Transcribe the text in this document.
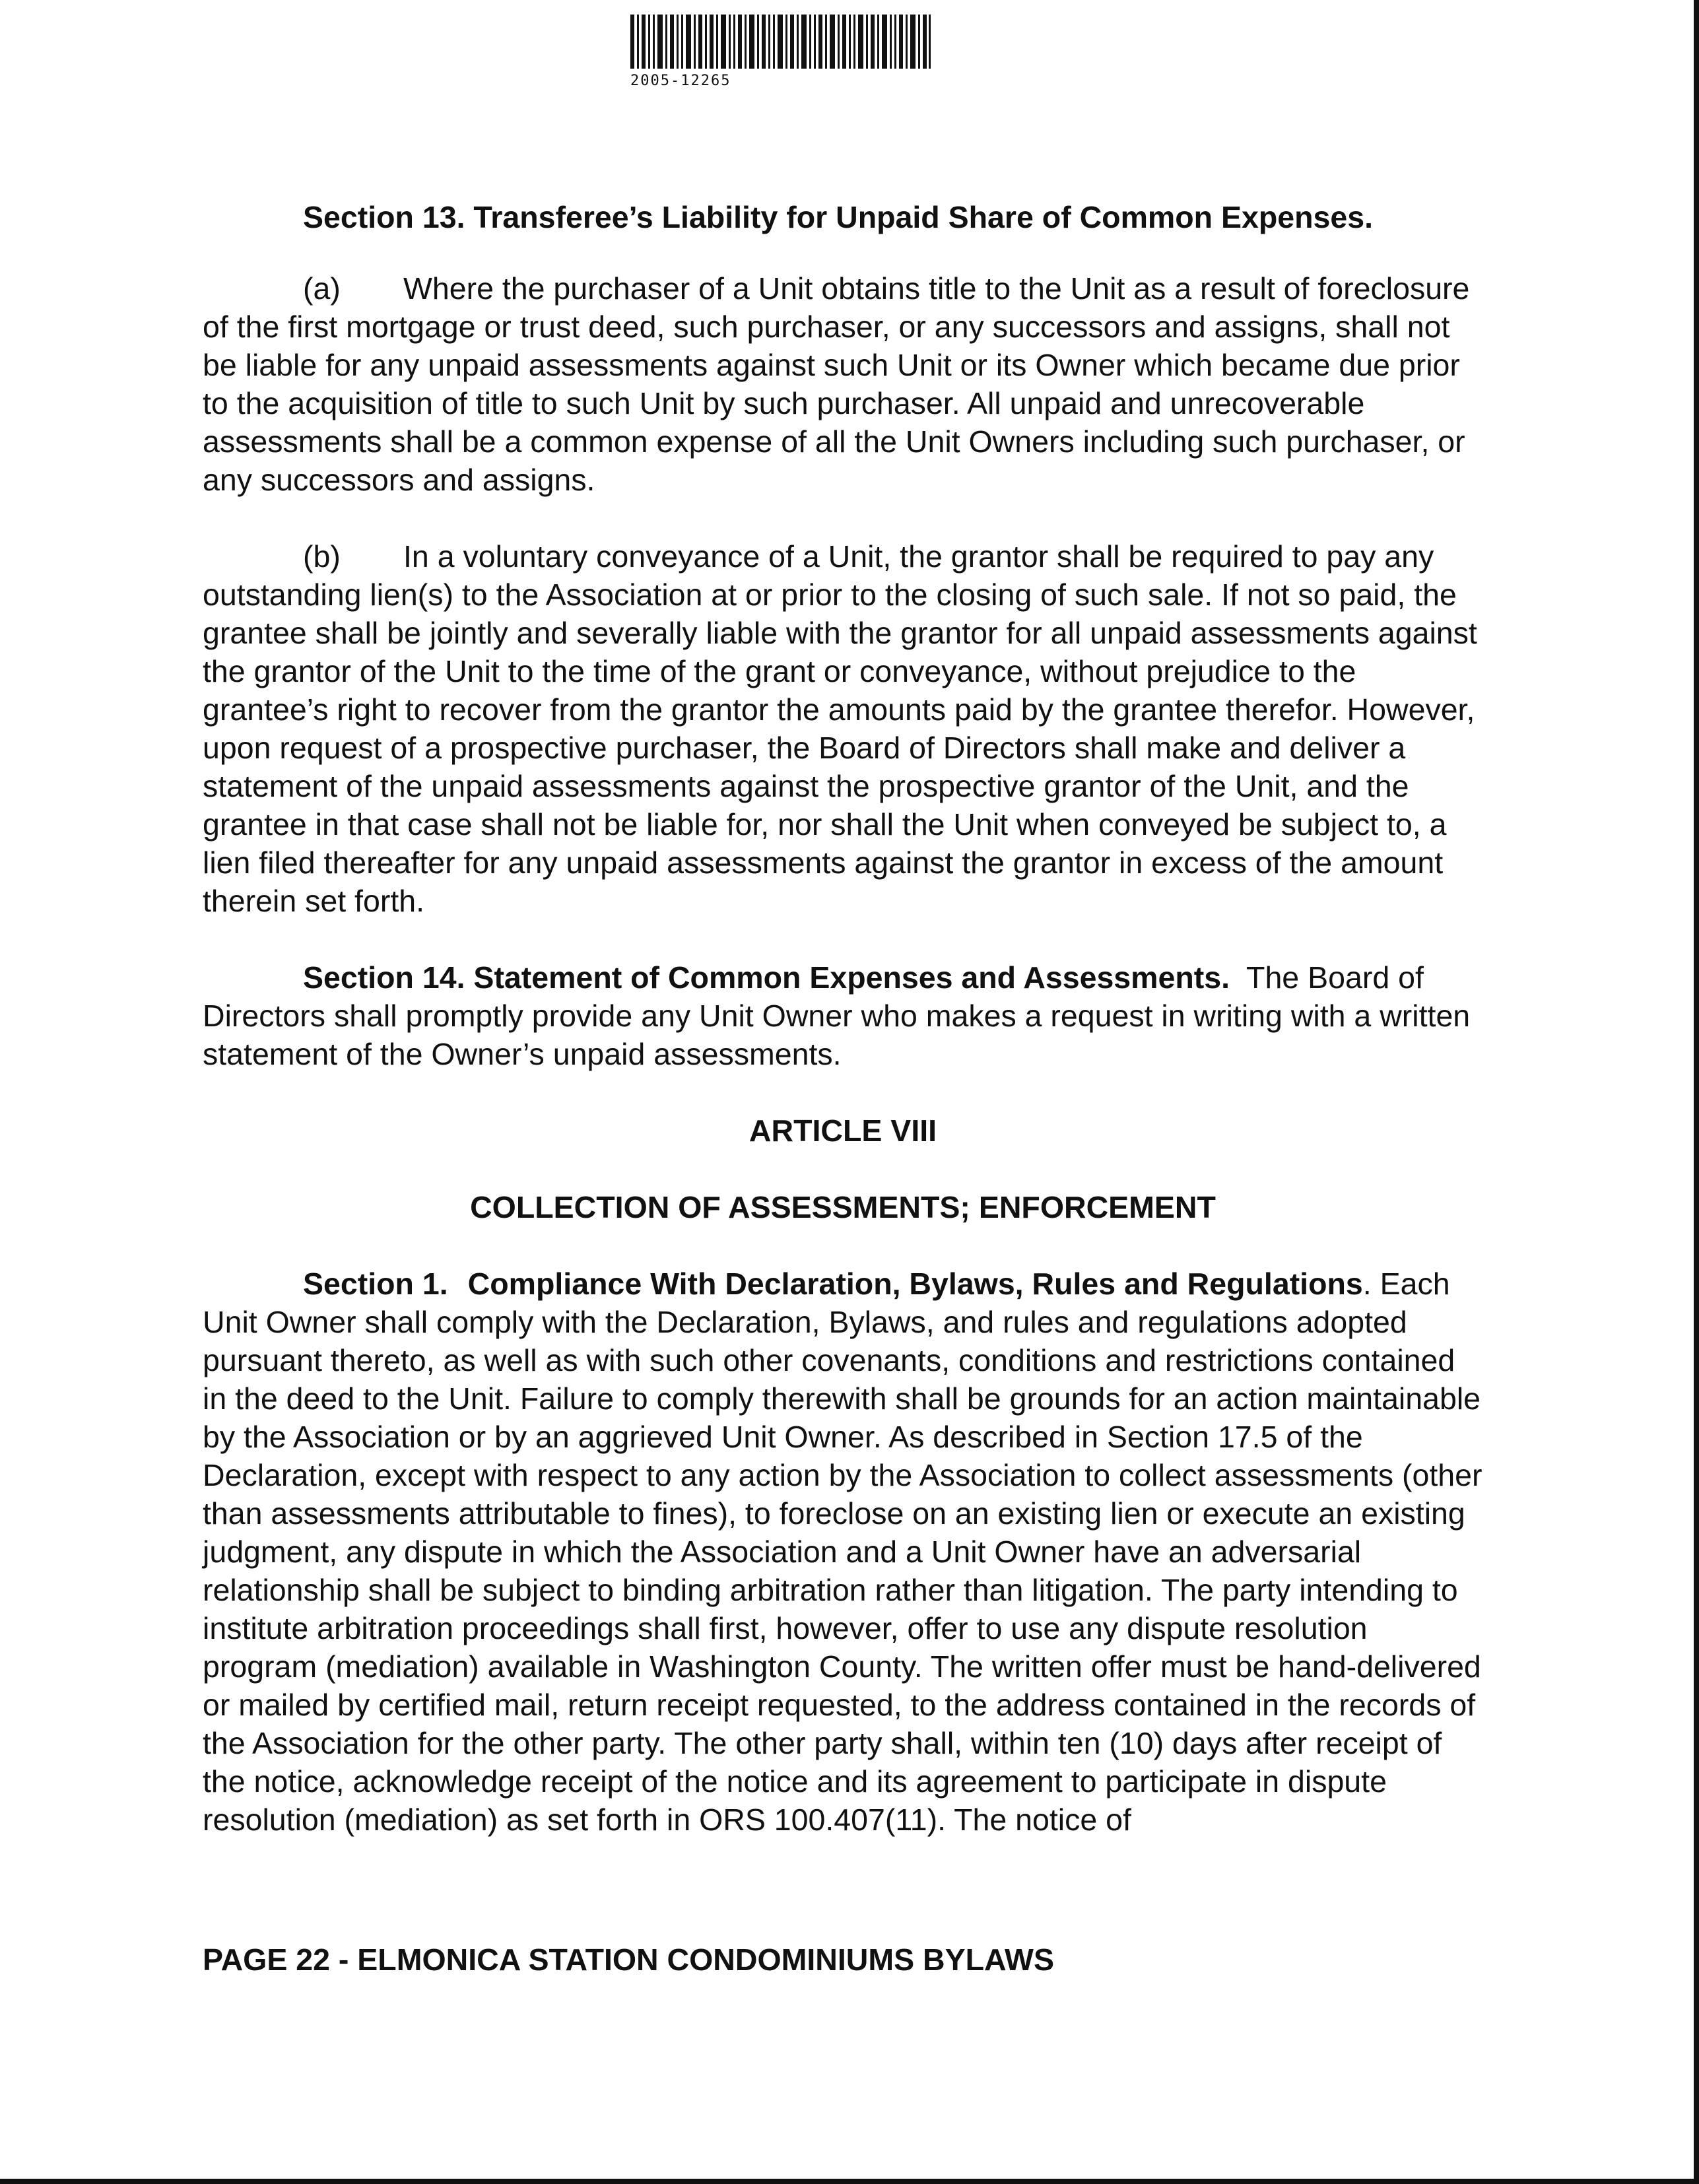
2005-12265

Section 13. Transferee’s Liability for Unpaid Share of Common Expenses.

(a) Where the purchaser of a Unit obtains title to the Unit as a result of foreclosure of the first mortgage or trust deed, such purchaser, or any successors and assigns, shall not be liable for any unpaid assessments against such Unit or its Owner which became due prior to the acquisition of title to such Unit by such purchaser. All unpaid and unrecoverable assessments shall be a common expense of all the Unit Owners including such purchaser, or any successors and assigns.

(b) In a voluntary conveyance of a Unit, the grantor shall be required to pay any outstanding lien(s) to the Association at or prior to the closing of such sale. If not so paid, the grantee shall be jointly and severally liable with the grantor for all unpaid assessments against the grantor of the Unit to the time of the grant or conveyance, without prejudice to the grantee’s right to recover from the grantor the amounts paid by the grantee therefor. However, upon request of a prospective purchaser, the Board of Directors shall make and deliver a statement of the unpaid assessments against the prospective grantor of the Unit, and the grantee in that case shall not be liable for, nor shall the Unit when conveyed be subject to, a lien filed thereafter for any unpaid assessments against the grantor in excess of the amount therein set forth.

Section 14. Statement of Common Expenses and Assessments. The Board of Directors shall promptly provide any Unit Owner who makes a request in writing with a written statement of the Owner’s unpaid assessments.

ARTICLE VIII

COLLECTION OF ASSESSMENTS; ENFORCEMENT

Section 1. Compliance With Declaration, Bylaws, Rules and Regulations. Each Unit Owner shall comply with the Declaration, Bylaws, and rules and regulations adopted pursuant thereto, as well as with such other covenants, conditions and restrictions contained in the deed to the Unit. Failure to comply therewith shall be grounds for an action maintainable by the Association or by an aggrieved Unit Owner. As described in Section 17.5 of the Declaration, except with respect to any action by the Association to collect assessments (other than assessments attributable to fines), to foreclose on an existing lien or execute an existing judgment, any dispute in which the Association and a Unit Owner have an adversarial relationship shall be subject to binding arbitration rather than litigation. The party intending to institute arbitration proceedings shall first, however, offer to use any dispute resolution program (mediation) available in Washington County. The written offer must be hand-delivered or mailed by certified mail, return receipt requested, to the address contained in the records of the Association for the other party. The other party shall, within ten (10) days after receipt of the notice, acknowledge receipt of the notice and its agreement to participate in dispute resolution (mediation) as set forth in ORS 100.407(11). The notice of

PAGE 22 - ELMONICA STATION CONDOMINIUMS BYLAWS
